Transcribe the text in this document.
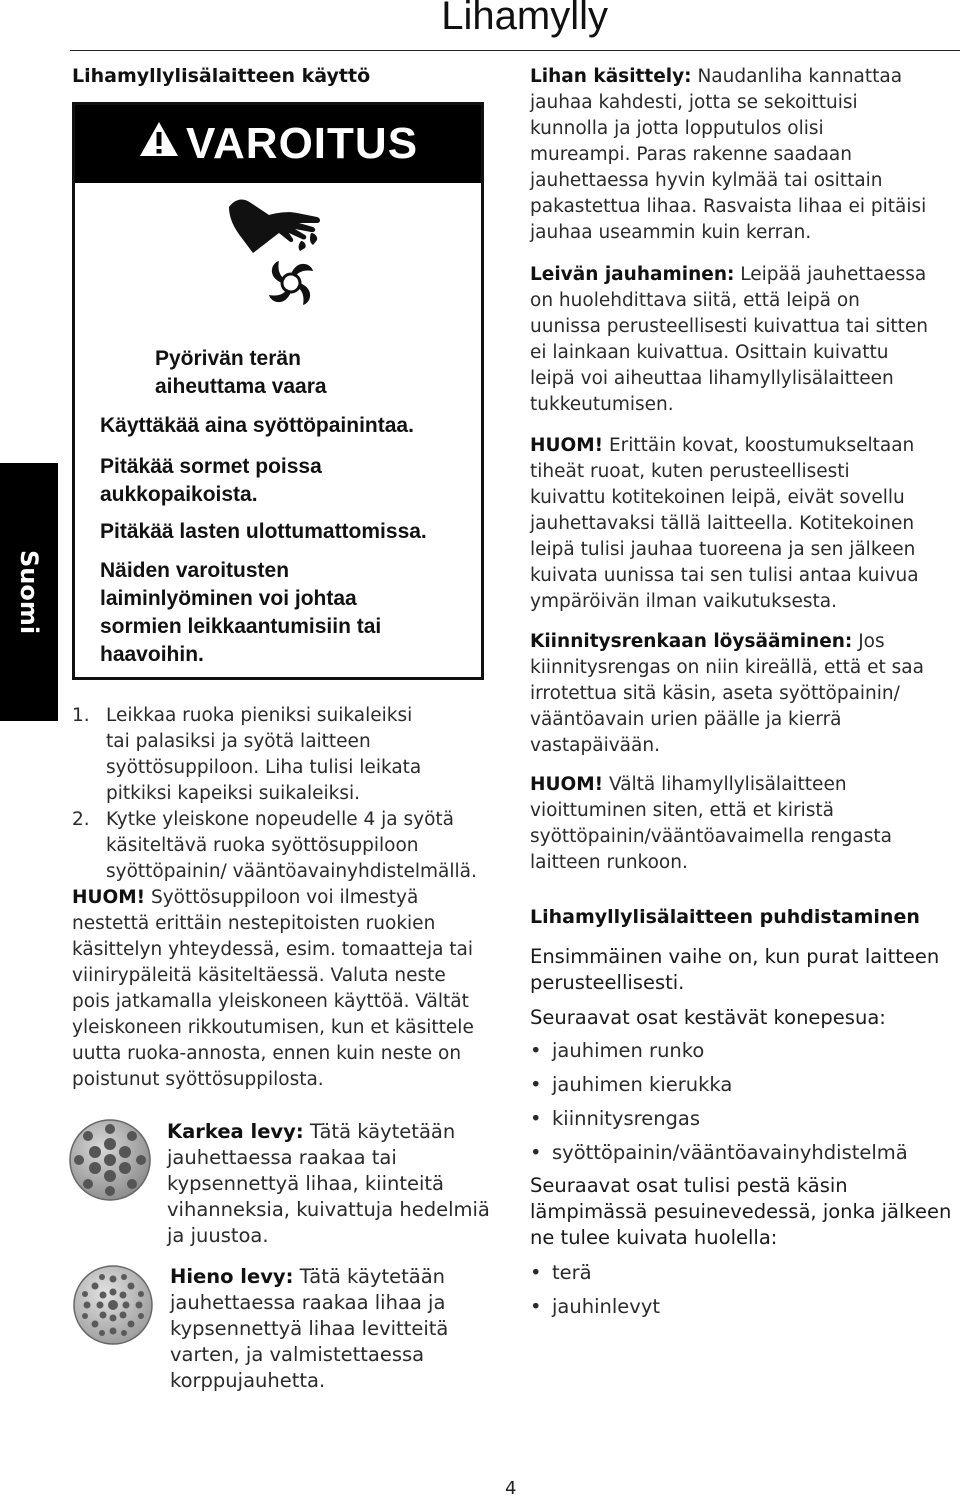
Lihamylly
Suomi
Lihamyllylisälaitteen käyttö
VAROITUS
Pyörivän terän
aiheuttama vaara
Käyttäkää aina syöttöpainintaa.
Pitäkää sormet poissa
aukkopaikoista.
Pitäkää lasten ulottumattomissa.
Näiden varoitusten
laiminlyöminen voi johtaa
sormien leikkaantumisiin tai
haavoihin.
1. Leikkaa ruoka pieniksi suikaleiksi
tai palasiksi ja syötä laitteen
syöttösuppiloon. Liha tulisi leikata
pitkiksi kapeiksi suikaleiksi.
2. Kytke yleiskone nopeudelle 4 ja syötä
käsiteltävä ruoka syöttösuppiloon
syöttöpainin/ vääntöavainyhdistelmällä.
HUOM! Syöttösuppiloon voi ilmestyä
nestettä erittäin nestepitoisten ruokien
käsittelyn yhteydessä, esim. tomaatteja tai
viinirypäleitä käsiteltäessä. Valuta neste
pois jatkamalla yleiskoneen käyttöä. Vältät
yleiskoneen rikkoutumisen, kun et käsittele
uutta ruoka-annosta, ennen kuin neste on
poistunut syöttösuppilosta.
Karkea levy: Tätä käytetään
jauhettaessa raakaa tai
kypsennettyä lihaa, kiinteitä
vihanneksia, kuivattuja hedelmiä
ja juustoa.
Hieno levy: Tätä käytetään
jauhettaessa raakaa lihaa ja
kypsennettyä lihaa levitteitä
varten, ja valmistettaessa
korppujauhetta.
Lihan käsittely: Naudanliha kannattaa
jauhaa kahdesti, jotta se sekoittuisi
kunnolla ja jotta lopputulos olisi
mureampi. Paras rakenne saadaan
jauhettaessa hyvin kylmää tai osittain
pakastettua lihaa. Rasvaista lihaa ei pitäisi
jauhaa useammin kuin kerran.
Leivän jauhaminen: Leipää jauhettaessa
on huolehdittava siitä, että leipä on
uunissa perusteellisesti kuivattua tai sitten
ei lainkaan kuivattua. Osittain kuivattu
leipä voi aiheuttaa lihamyllylisälaitteen
tukkeutumisen.
HUOM! Erittäin kovat, koostumukseltaan
tiheät ruoat, kuten perusteellisesti
kuivattu kotitekoinen leipä, eivät sovellu
jauhettavaksi tällä laitteella. Kotitekoinen
leipä tulisi jauhaa tuoreena ja sen jälkeen
kuivata uunissa tai sen tulisi antaa kuivua
ympäröivän ilman vaikutuksesta.
Kiinnitysrenkaan löysääminen: Jos
kiinnitysrengas on niin kireällä, että et saa
irrotettua sitä käsin, aseta syöttöpainin/
vääntöavain urien päälle ja kierrä
vastapäivään.
HUOM! Vältä lihamyllylisälaitteen
vioittuminen siten, että et kiristä
syöttöpainin/vääntöavaimella rengasta
laitteen runkoon.
Lihamyllylisälaitteen puhdistaminen
Ensimmäinen vaihe on, kun purat laitteen
perusteellisesti.
Seuraavat osat kestävät konepesua:
• jauhimen runko
• jauhimen kierukka
• kiinnitysrengas
• syöttöpainin/vääntöavainyhdistelmä
Seuraavat osat tulisi pestä käsin
lämpimässä pesuinevedessä, jonka jälkeen
ne tulee kuivata huolella:
• terä
• jauhinlevyt
4
